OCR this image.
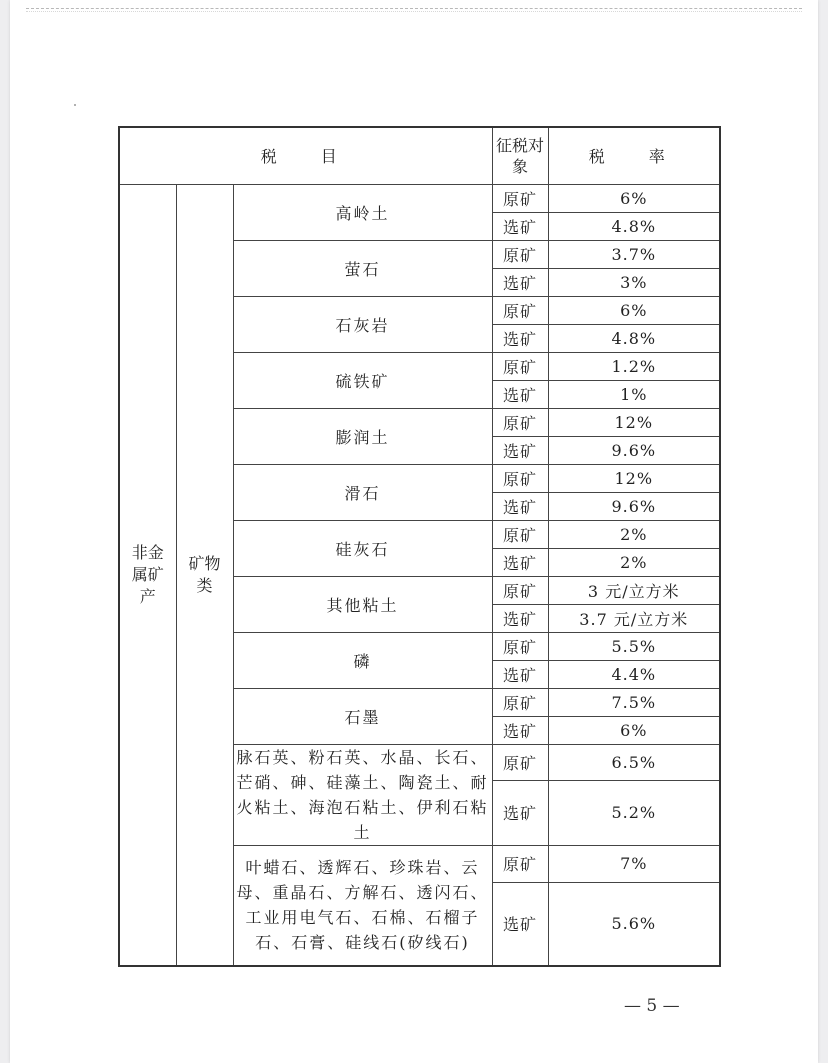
税　目			征税对象	税　率

非金属矿产	矿物类	高岭土	原矿	6%
			选矿	4.8%
		萤石	原矿	3.7%
			选矿	3%
		石灰岩	原矿	6%
			选矿	4.8%
		硫铁矿	原矿	1.2%
			选矿	1%
		膨润土	原矿	12%
			选矿	9.6%
		滑石	原矿	12%
			选矿	9.6%
		硅灰石	原矿	2%
			选矿	2%
		其他粘土	原矿	3 元/立方米
			选矿	3.7 元/立方米
		磷	原矿	5.5%
			选矿	4.4%
		石墨	原矿	7.5%
			选矿	6%
		脉石英、粉石英、水晶、长石、芒硝、砷、硅藻土、陶瓷土、耐火粘土、海泡石粘土、伊利石粘土	原矿	6.5%
			选矿	5.2%
		叶蜡石、透辉石、珍珠岩、云母、重晶石、方解石、透闪石、工业用电气石、石棉、石榴子石、石膏、硅线石(矽线石)	原矿	7%
			选矿	5.6%
— 5 —
